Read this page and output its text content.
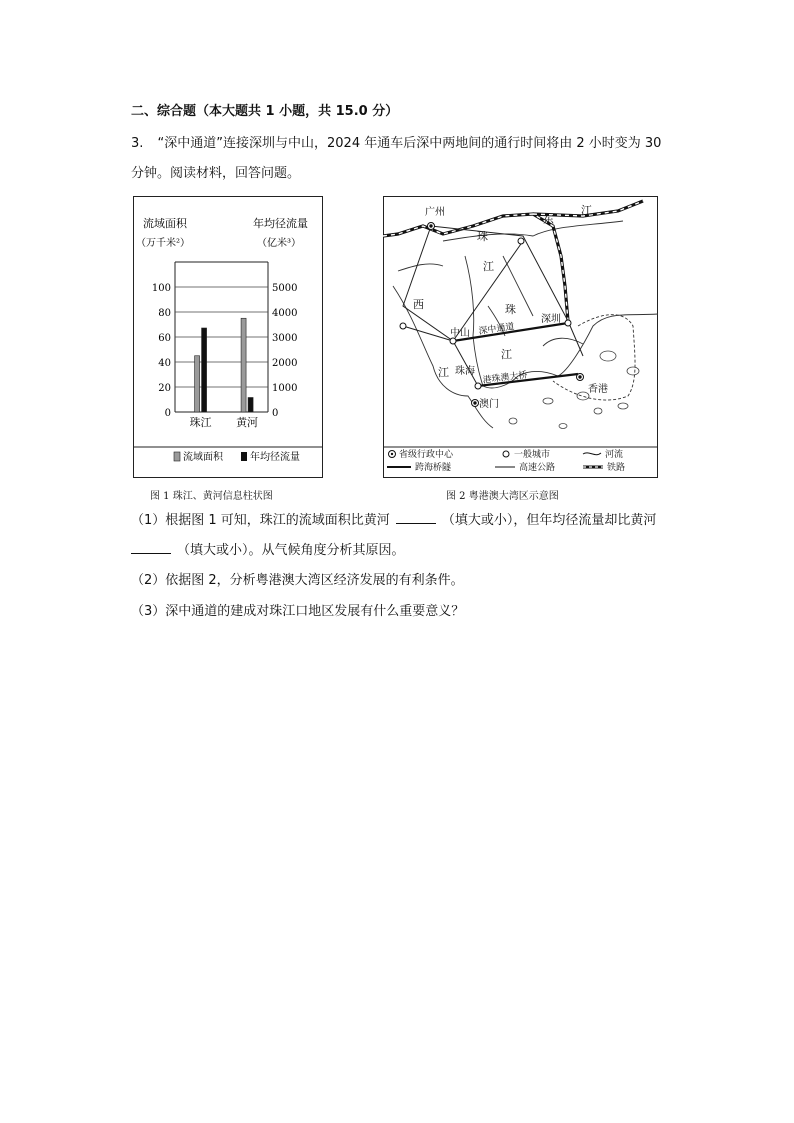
二、综合题（本大题共 1 小题，共 15.0 分）
3. “深中通道”连接深圳与中山，2024 年通车后深中两地间的通行时间将由 2 小时变为 30
分钟。阅读材料，回答问题。
流域面积
（万千米²）
年均径流量
（亿米³）
0
20
40
60
80
100
0
1000
2000
3000
4000
5000
珠江 黄河
流域面积	年均径流量
图 1 珠江、黄河信息柱状图
广州
东
江
珠
江
西	珠
江
江
中山
深圳
珠海
澳门
香港
深中通道
港珠澳大桥
省级行政中心	一般城市	河流
跨海桥隧	高速公路	铁路
图 2 粤港澳大湾区示意图
（1）根据图 1 可知，珠江的流域面积比黄河	（填大或小），但年均径流量却比黄河
（填大或小）。从气候角度分析其原因。
（2）依据图 2，分析粤港澳大湾区经济发展的有利条件。
（3）深中通道的建成对珠江口地区发展有什么重要意义？
